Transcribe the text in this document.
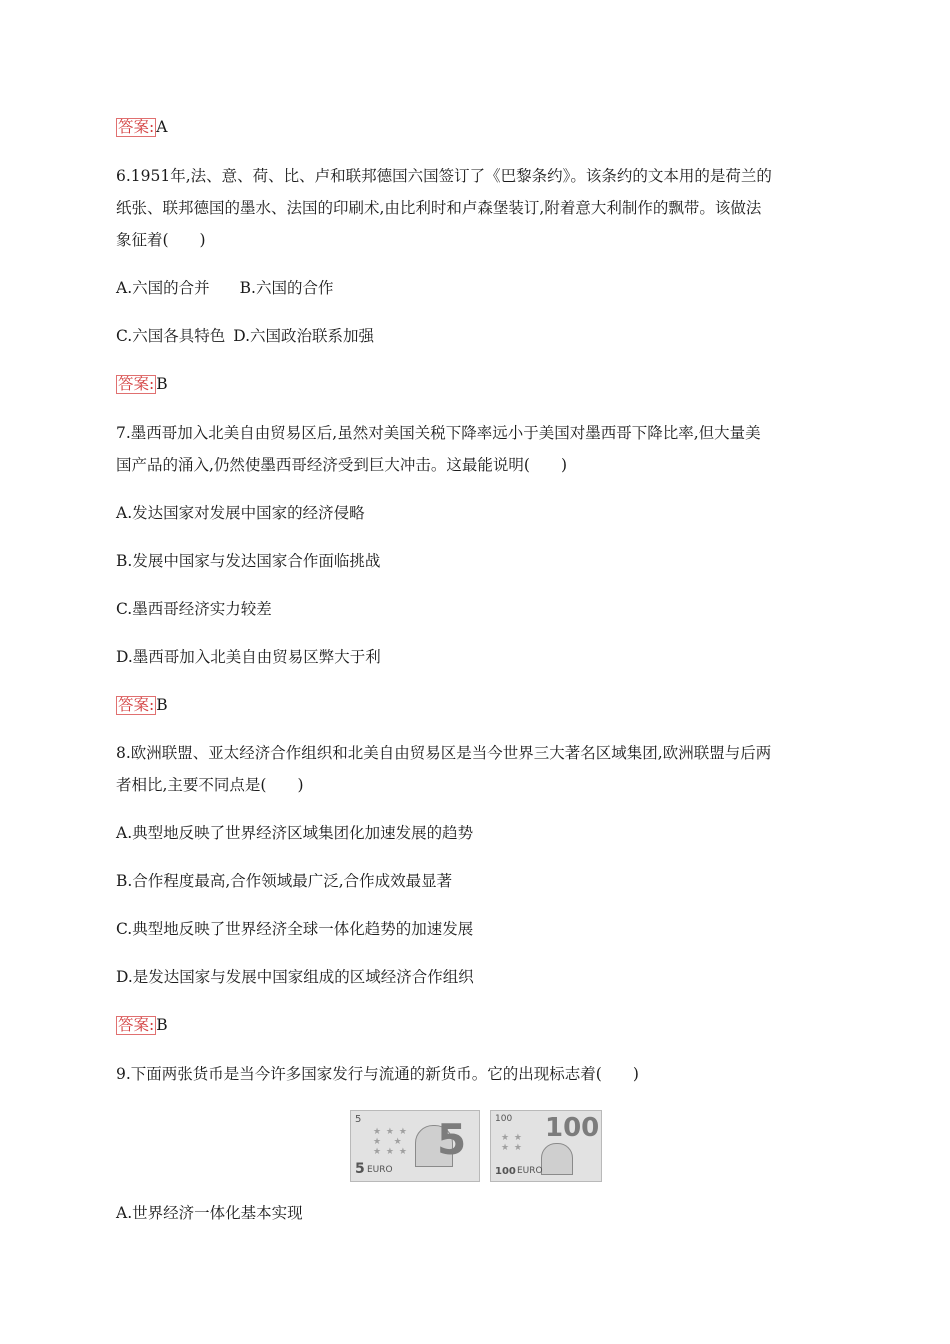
答案: A
6.1951年,法、意、荷、比、卢和联邦德国六国签订了《巴黎条约》。该条约的文本用的是荷兰的
纸张、联邦德国的墨水、法国的印刷术,由比利时和卢森堡装订,附着意大利制作的飘带。该做法
象征着(　　)
A.六国的合并 B.六国的合作
C.六国各具特色 D.六国政治联系加强
答案: B
7.墨西哥加入北美自由贸易区后,虽然对美国关税下降率远小于美国对墨西哥下降比率,但大量美
国产品的涌入,仍然使墨西哥经济受到巨大冲击。这最能说明(　　)
A.发达国家对发展中国家的经济侵略
B.发展中国家与发达国家合作面临挑战
C.墨西哥经济实力较差
D.墨西哥加入北美自由贸易区弊大于利
答案: B
8.欧洲联盟、亚太经济合作组织和北美自由贸易区是当今世界三大著名区域集团,欧洲联盟与后两
者相比,主要不同点是(　　)
A.典型地反映了世界经济区域集团化加速发展的趋势
B.合作程度最高,合作领域最广泛,合作成效最显著
C.典型地反映了世界经济全球一体化趋势的加速发展
D.是发达国家与发展中国家组成的区域经济合作组织
答案: B
9.下面两张货币是当今许多国家发行与流通的新货币。它的出现标志着(　　)
5
★ ★ ★
★   ★
★ ★ ★ 5
5 EURO
100 100
★ ★
★ ★
100 EURO
A.世界经济一体化基本实现
